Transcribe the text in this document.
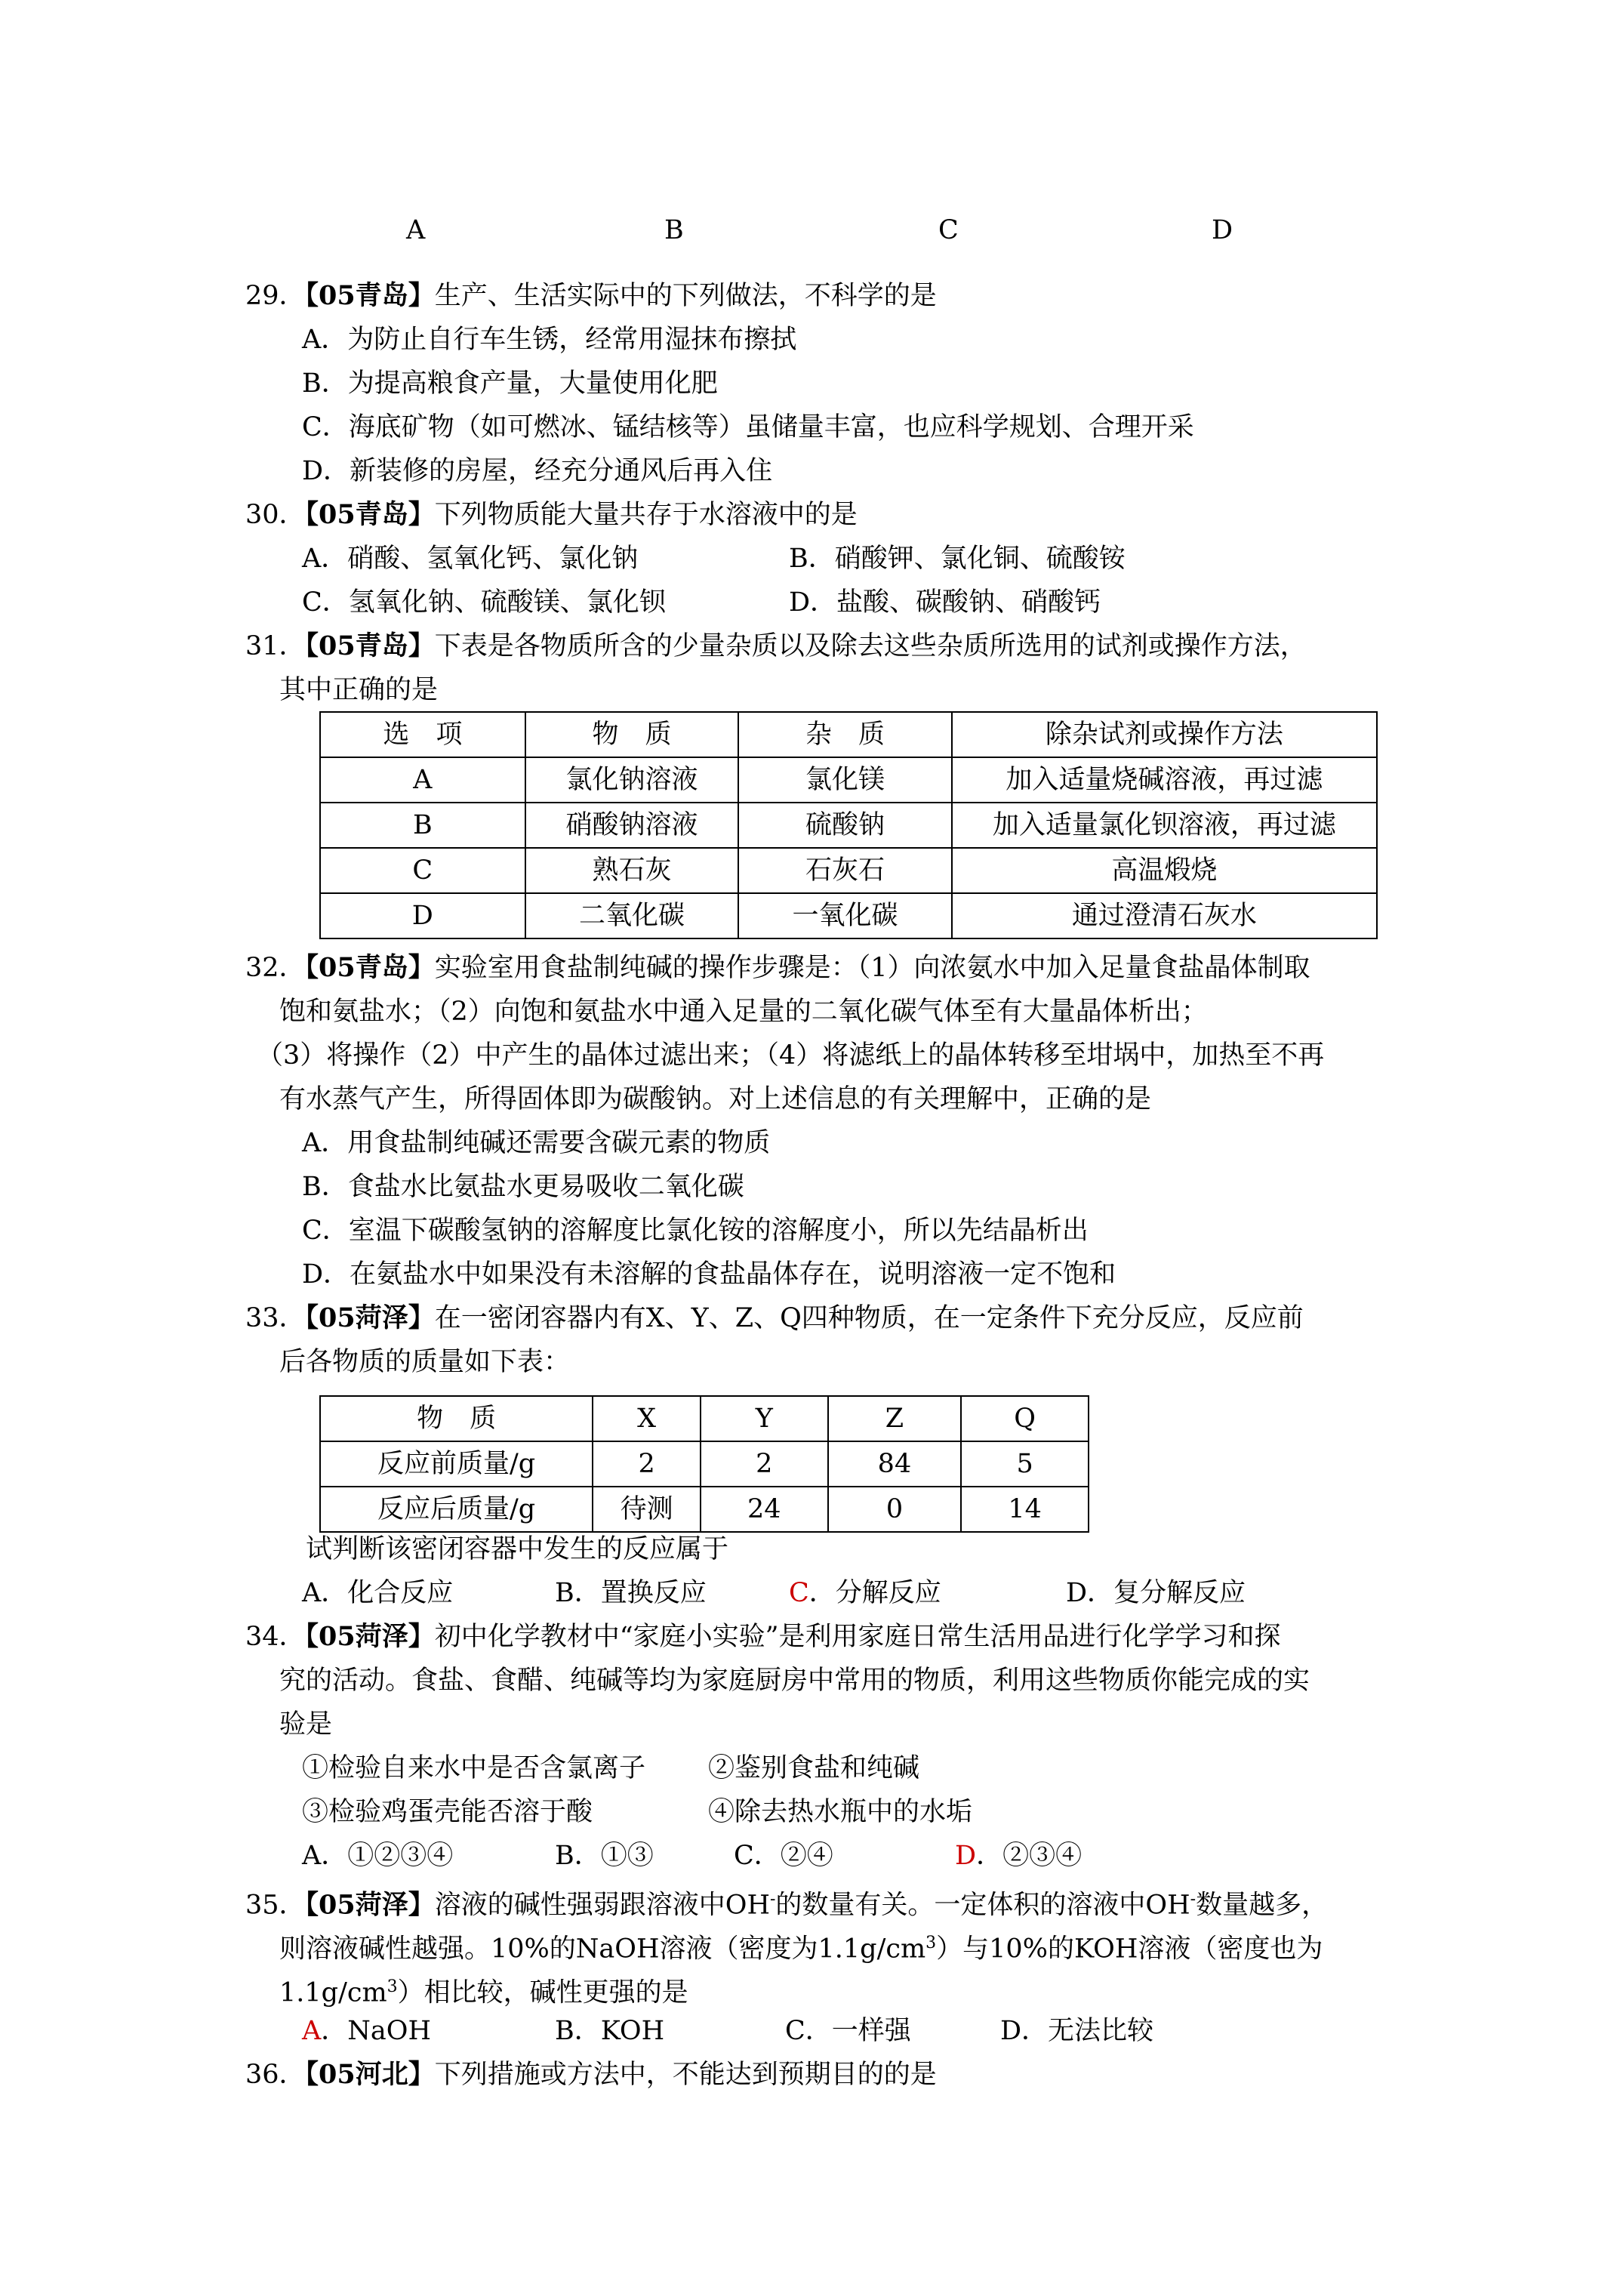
A	B	C	D
29．【05青岛】生产、生活实际中的下列做法，不科学的是
A．为防止自行车生锈，经常用湿抹布擦拭
B．为提高粮食产量，大量使用化肥
C．海底矿物（如可燃冰、锰结核等）虽储量丰富，也应科学规划、合理开采
D．新装修的房屋，经充分通风后再入住
30．【05青岛】下列物质能大量共存于水溶液中的是
A．硝酸、氢氧化钙、氯化钠	B．硝酸钾、氯化铜、硫酸铵
C．氢氧化钠、硫酸镁、氯化钡	D．盐酸、碳酸钠、硝酸钙
31．【05青岛】下表是各物质所含的少量杂质以及除去这些杂质所选用的试剂或操作方法，
其中正确的是
选　项	物　质	杂　质	除杂试剂或操作方法
A	氯化钠溶液	氯化镁	加入适量烧碱溶液，再过滤
B	硝酸钠溶液	硫酸钠	加入适量氯化钡溶液，再过滤
C	熟石灰	石灰石	高温煅烧
D	二氧化碳	一氧化碳	通过澄清石灰水
32．【05青岛】实验室用食盐制纯碱的操作步骤是：（1）向浓氨水中加入足量食盐晶体制取
饱和氨盐水；（2）向饱和氨盐水中通入足量的二氧化碳气体至有大量晶体析出；
（3）将操作（2）中产生的晶体过滤出来；（4）将滤纸上的晶体转移至坩埚中，加热至不再
有水蒸气产生，所得固体即为碳酸钠。对上述信息的有关理解中，正确的是
A．用食盐制纯碱还需要含碳元素的物质
B．食盐水比氨盐水更易吸收二氧化碳
C．室温下碳酸氢钠的溶解度比氯化铵的溶解度小，所以先结晶析出
D．在氨盐水中如果没有未溶解的食盐晶体存在，说明溶液一定不饱和
33．【05菏泽】在一密闭容器内有X、Y、Z、Q四种物质，在一定条件下充分反应，反应前
后各物质的质量如下表：
物　质	X	Y	Z	Q
反应前质量/g	2	2	84	5
反应后质量/g	待测	24	0	14
试判断该密闭容器中发生的反应属于
A．化合反应	B．置换反应	C．分解反应	D．复分解反应
34．【05菏泽】初中化学教材中“家庭小实验”是利用家庭日常生活用品进行化学学习和探
究的活动。食盐、食醋、纯碱等均为家庭厨房中常用的物质，利用这些物质你能完成的实
验是
①检验自来水中是否含氯离子 ②鉴别食盐和纯碱
③检验鸡蛋壳能否溶于酸	④除去热水瓶中的水垢
A．①②③④	B．①③	C．②④	D．②③④
35．【05菏泽】溶液的碱性强弱跟溶液中OH-的数量有关。一定体积的溶液中OH-数量越多，
则溶液碱性越强。10%的NaOH溶液（密度为$1.1g/cm^3$）与10%的KOH溶液（密度也为
$1.1g/cm^3$）相比较，碱性更强的是
A．NaOH	B．KOH	C．一样强	D．无法比较
36．【05河北】下列措施或方法中，不能达到预期目的的是
